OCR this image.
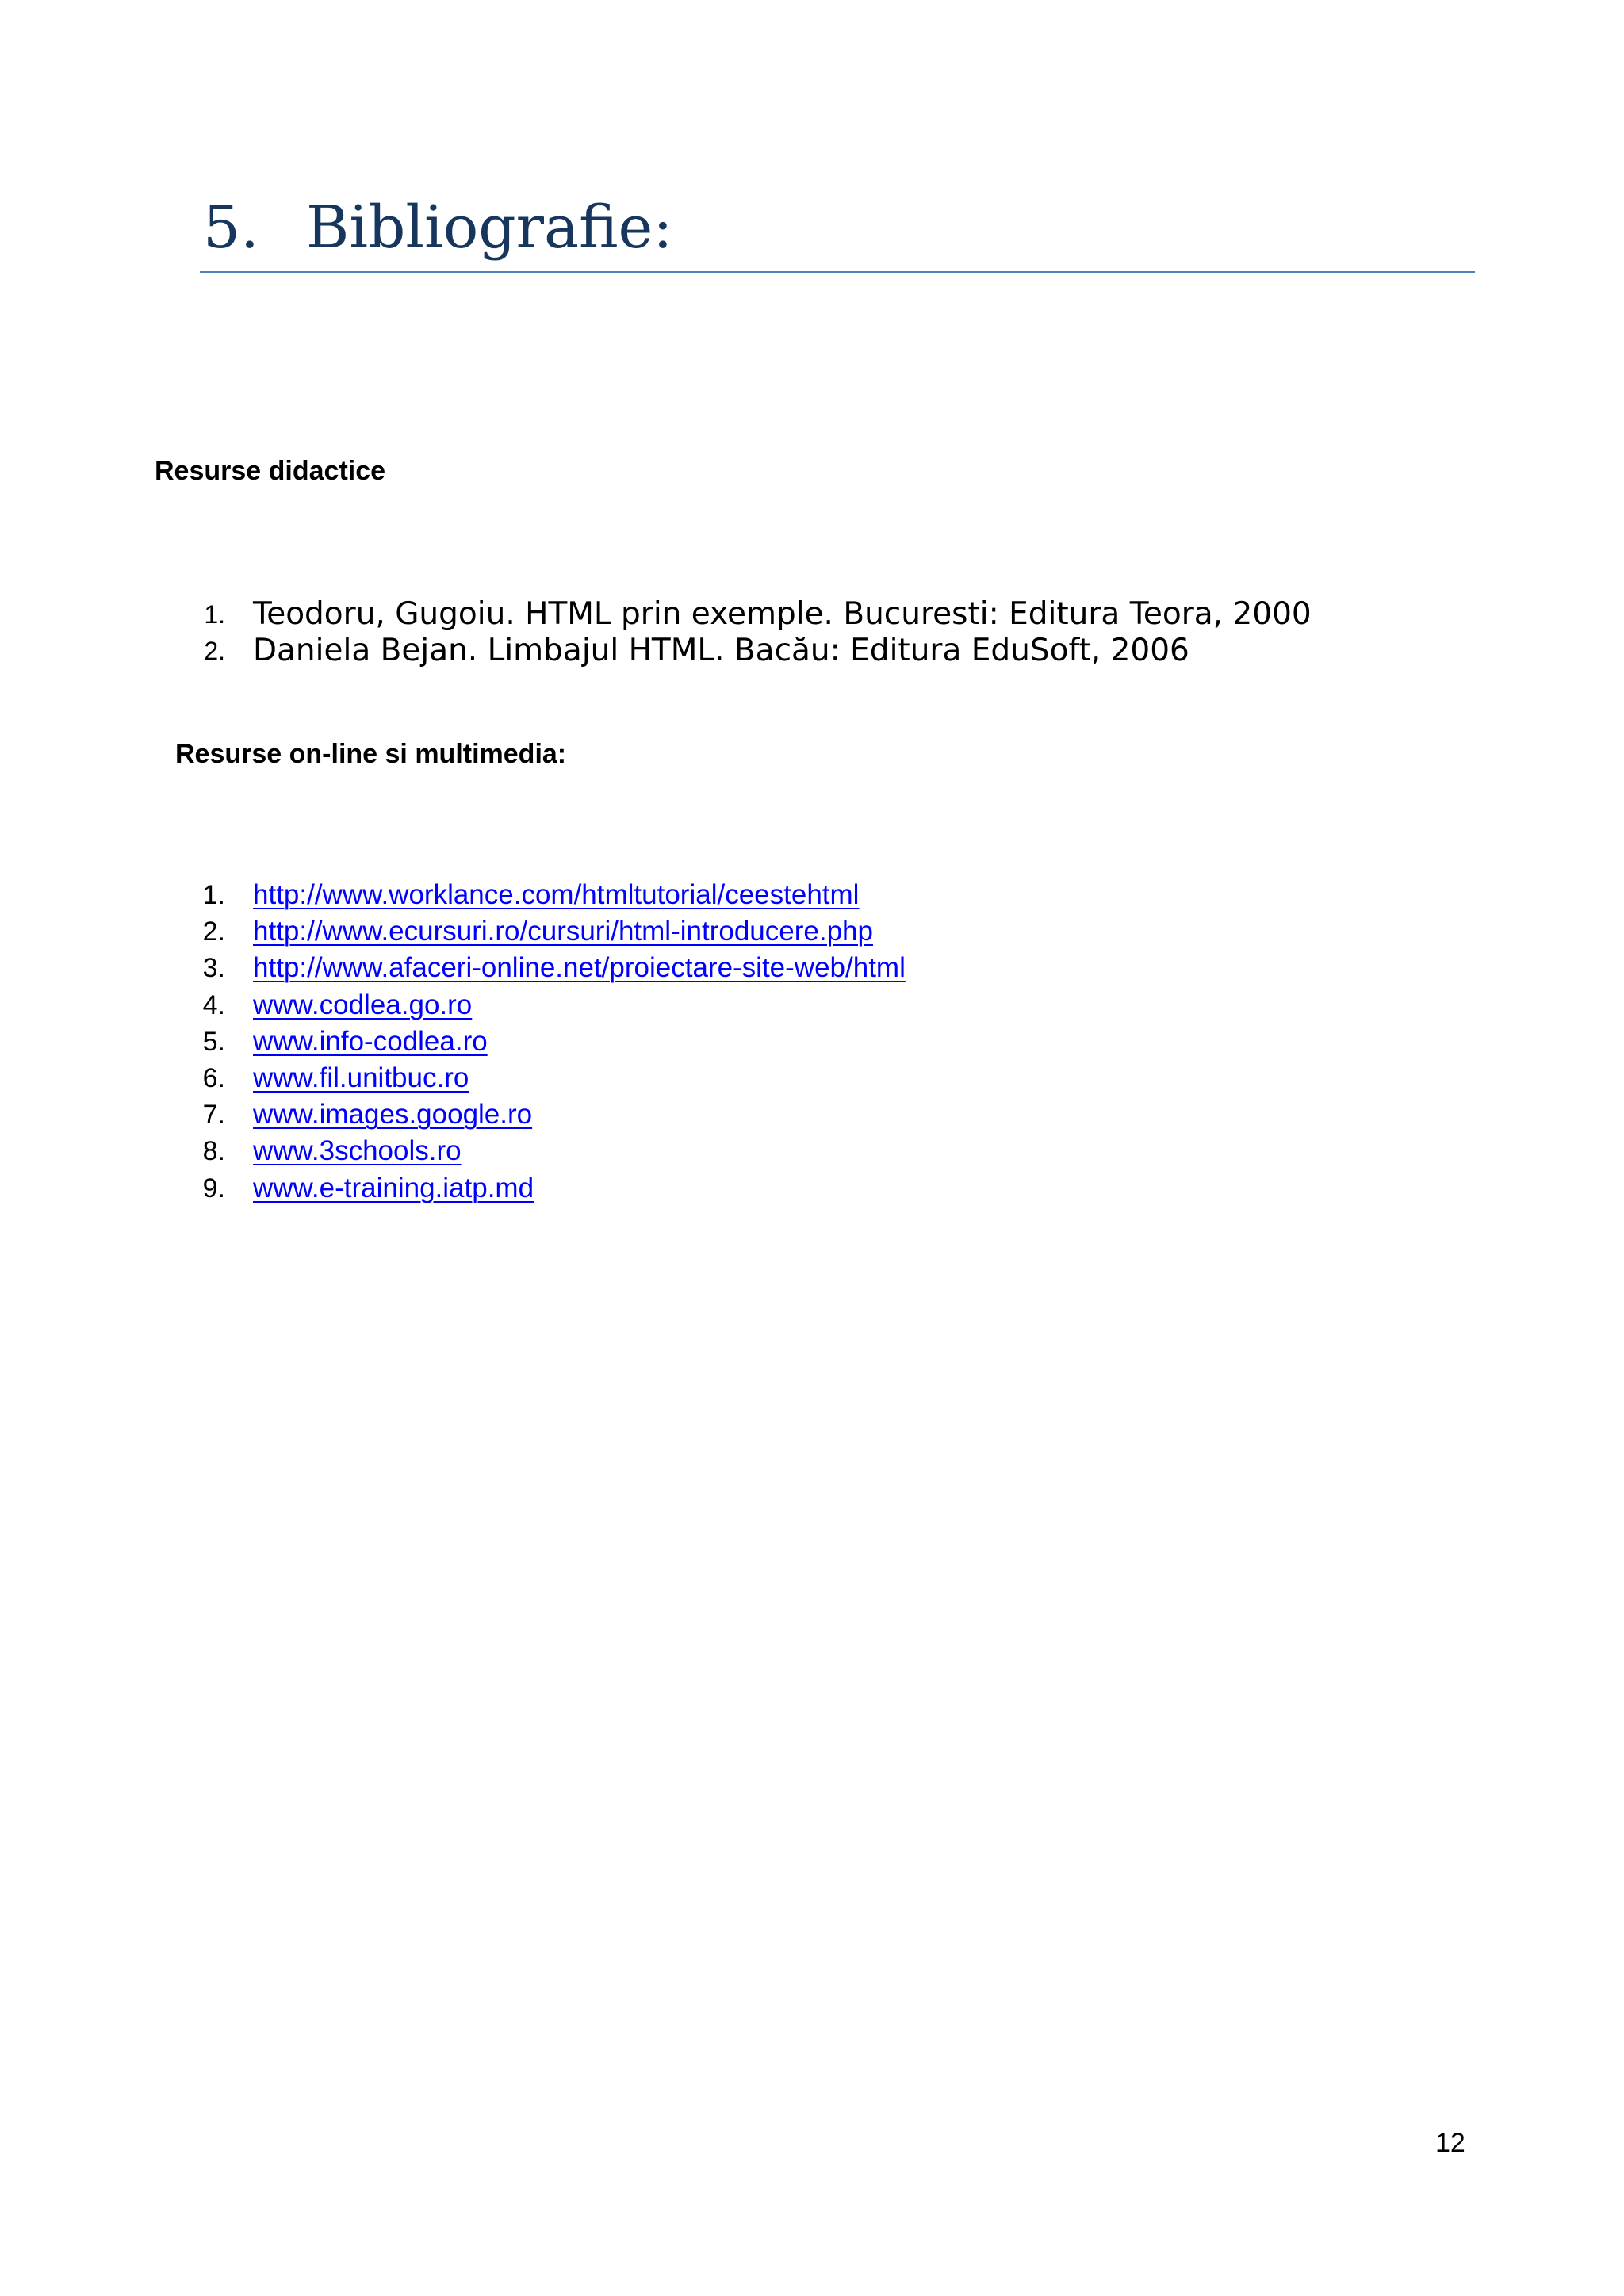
5. Bibliografie:
Resurse didactice
1. Teodoru, Gugoiu. HTML prin exemple. Bucuresti: Editura Teora, 2000
2. Daniela Bejan. Limbajul HTML. Bacău: Editura EduSoft, 2006
Resurse on-line si multimedia:
1. http://www.worklance.com/htmltutorial/ceestehtml
2. http://www.ecursuri.ro/cursuri/html-introducere.php
3. http://www.afaceri-online.net/proiectare-site-web/html
4. www.codlea.go.ro
5. www.info-codlea.ro
6. www.fil.unitbuc.ro
7. www.images.google.ro
8. www.3schools.ro
9. www.e-training.iatp.md
12
